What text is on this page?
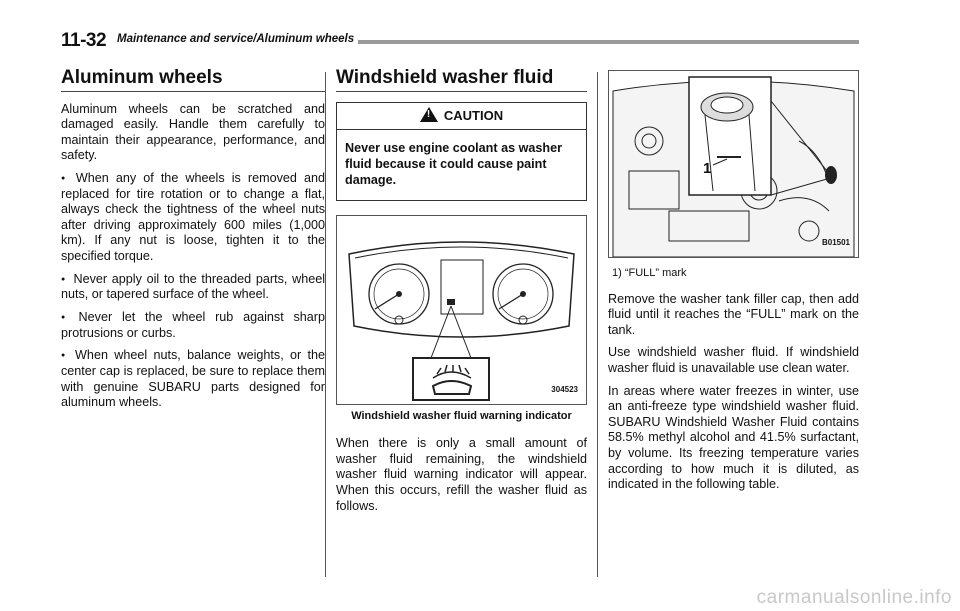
11-32 Maintenance and service/Aluminum wheels
Aluminum wheels

Aluminum wheels can be scratched and damaged easily. Handle them carefully to maintain their appearance, performance, and safety.

● When any of the wheels is removed and replaced for tire rotation or to change a flat, always check the tightness of the wheel nuts after driving approximately 600 miles (1,000 km). If any nut is loose, tighten it to the specified torque.

● Never apply oil to the threaded parts, wheel nuts, or tapered surface of the wheel.

● Never let the wheel rub against sharp protrusions or curbs.

● When wheel nuts, balance weights, or the center cap is replaced, be sure to replace them with genuine SUBARU parts designed for aluminum wheels.

Windshield washer fluid
! CAUTION
Never use engine coolant as washer fluid because it could cause paint damage.
304523
Windshield washer fluid warning indicator

When there is only a small amount of washer fluid remaining, the windshield washer fluid warning indicator will appear. When this occurs, refill the washer fluid as follows.

1
B01501
1) “FULL” mark

Remove the washer tank filler cap, then add fluid until it reaches the “FULL” mark on the tank.

Use windshield washer fluid. If windshield washer fluid is unavailable use clean water.

In areas where water freezes in winter, use an anti-freeze type windshield washer fluid. SUBARU Windshield Washer Fluid contains 58.5% methyl alcohol and 41.5% surfactant, by volume. Its freezing temperature varies according to how much it is diluted, as indicated in the following table.

carmanualsonline.info
